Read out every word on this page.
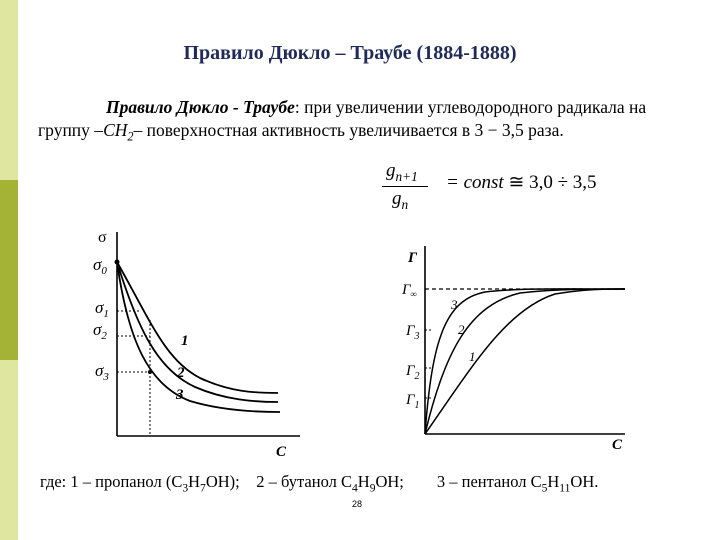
Правило Дюкло – Траубе (1884-1888)
Правило Дюкло - Траубе: при увеличении углеводородного радикала на группу $-CH_2-$ поверхностная активность увеличивается в 3 − 3,5 раза.
$g_{n+1}$
$g_n$
= const ≅ 3,0 ÷ 3,5
σ
C
$\sigma_0$
$\sigma_1$
$\sigma_2$
$\sigma_3$
1
2
3
Г
C
$Г_\infty$
$Г_3$
$Г_2$
$Г_1$
3
2
1
где: 1 – пропанол $(C_3H_7OH)$; 2 – бутанол $C_4H_9OH$; 3 – пентанол $C_5H_{11}OH$.
28
